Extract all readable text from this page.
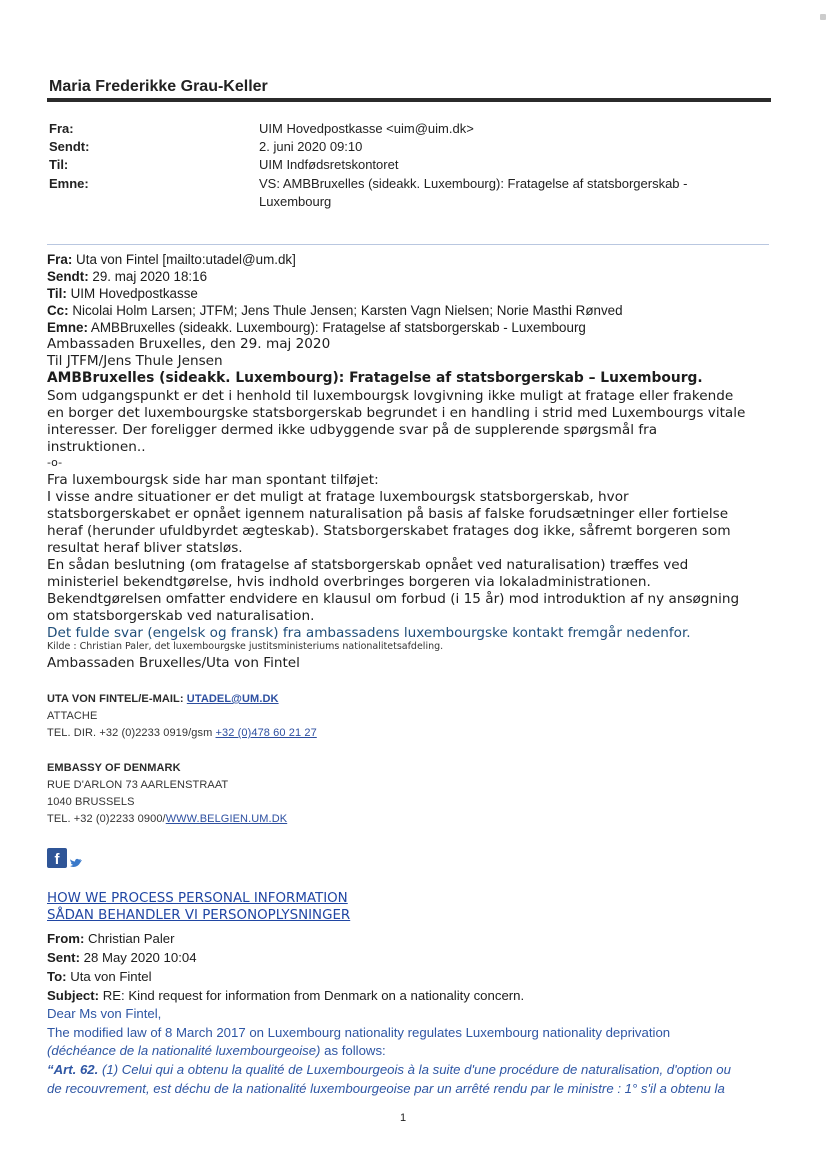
Maria Frederikke Grau-Keller
Fra:	UIM Hovedpostkasse <uim@uim.dk>
Sendt:	2. juni 2020 09:10
Til:	UIM Indfødsretskontoret
Emne:	VS: AMBBruxelles (sideakk. Luxembourg): Fratagelse af statsborgerskab -
Luxembourg
Fra: Uta von Fintel [mailto:utadel@um.dk]
Sendt: 29. maj 2020 18:16
Til: UIM Hovedpostkasse
Cc: Nicolai Holm Larsen; JTFM; Jens Thule Jensen; Karsten Vagn Nielsen; Norie Masthi Rønved
Emne: AMBBruxelles (sideakk. Luxembourg): Fratagelse af statsborgerskab - Luxembourg
Ambassaden Bruxelles, den 29. maj 2020
Til JTFM/Jens Thule Jensen
AMBBruxelles (sideakk. Luxembourg): Fratagelse af statsborgerskab – Luxembourg.
Som udgangspunkt er det i henhold til luxembourgsk lovgivning ikke muligt at fratage eller frakende
en borger det luxembourgske statsborgerskab begrundet i en handling i strid med Luxembourgs vitale
interesser. Der foreligger dermed ikke udbyggende svar på de supplerende spørgsmål fra
instruktionen..
-o-
Fra luxembourgsk side har man spontant tilføjet:
I visse andre situationer er det muligt at fratage luxembourgsk statsborgerskab, hvor
statsborgerskabet er opnået igennem naturalisation på basis af falske forudsætninger eller fortielse
heraf (herunder ufuldbyrdet ægteskab). Statsborgerskabet fratages dog ikke, såfremt borgeren som
resultat heraf bliver statsløs.
En sådan beslutning (om fratagelse af statsborgerskab opnået ved naturalisation) træffes ved
ministeriel bekendtgørelse, hvis indhold overbringes borgeren via lokaladministrationen.
Bekendtgørelsen omfatter endvidere en klausul om forbud (i 15 år) mod introduktion af ny ansøgning
om statsborgerskab ved naturalisation.
Det fulde svar (engelsk og fransk) fra ambassadens luxembourgske kontakt fremgår nedenfor.
Kilde : Christian Paler, det luxembourgske justitsministeriums nationalitetsafdeling.
Ambassaden Bruxelles/Uta von Fintel
UTA VON FINTEL/E-MAIL: UTADEL@UM.DK
ATTACHE
TEL. DIR. +32 (0)2233 0919/gsm +32 (0)478 60 21 27
EMBASSY OF DENMARK
RUE D'ARLON 73 AARLENSTRAAT
1040 BRUSSELS
TEL. +32 (0)2233 0900/WWW.BELGIEN.UM.DK
f
HOW WE PROCESS PERSONAL INFORMATION
SÅDAN BEHANDLER VI PERSONOPLYSNINGER
From: Christian Paler
Sent: 28 May 2020 10:04
To: Uta von Fintel
Subject: RE: Kind request for information from Denmark on a nationality concern.
Dear Ms von Fintel,
The modified law of 8 March 2017 on Luxembourg nationality regulates Luxembourg nationality deprivation
(déchéance de la nationalité luxembourgeoise) as follows:
“Art. 62. (1) Celui qui a obtenu la qualité de Luxembourgeois à la suite d'une procédure de naturalisation, d'option ou
de recouvrement, est déchu de la nationalité luxembourgeoise par un arrêté rendu par le ministre : 1° s'il a obtenu la
1
